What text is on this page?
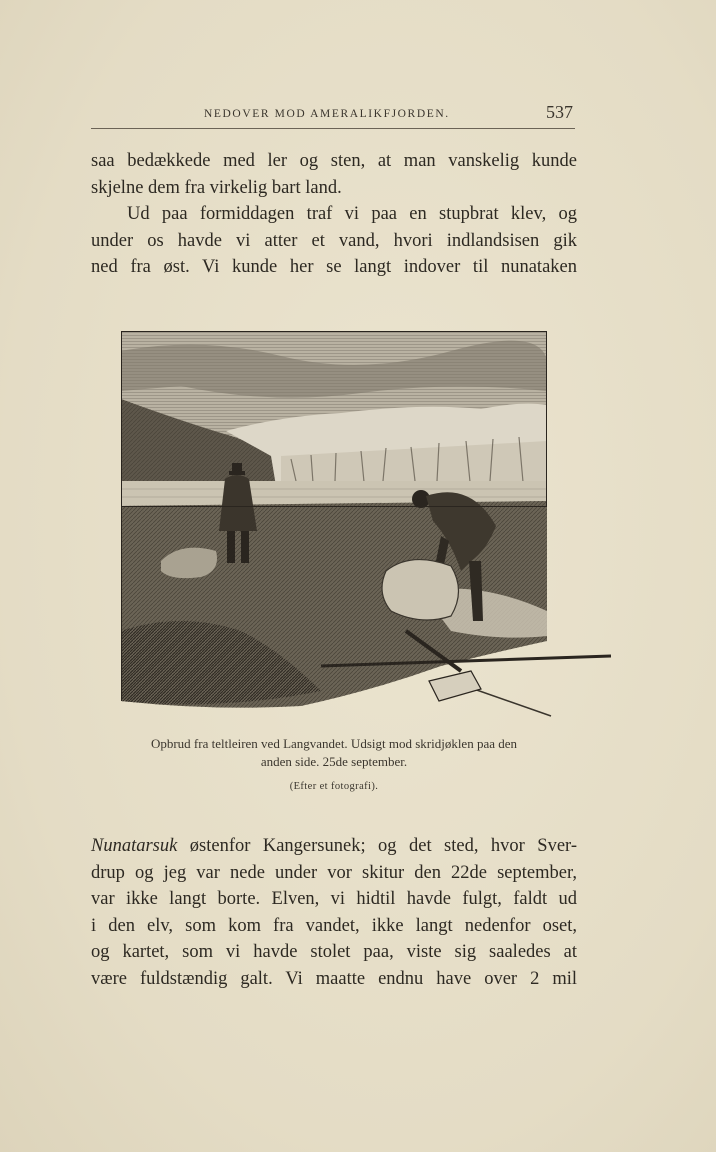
NEDOVER MOD AMERALIKFJORDEN.	537

saa bedækkede med ler og sten, at man vanskelig kunde

skjelne dem fra virkelig bart land.

Ud paa formiddagen traf vi paa en stupbrat klev, og

under os havde vi atter et vand, hvori indlandsisen gik

ned fra øst. Vi kunde her se langt indover til nunataken

Opbrud fra teltleiren ved Langvandet. Udsigt mod skridjøklen paa den
anden side. 25de september.
(Efter et fotografi).

Nunatarsuk østenfor Kangersunek; og det sted, hvor Sver-

drup og jeg var nede under vor skitur den 22de september,

var ikke langt borte. Elven, vi hidtil havde fulgt, faldt ud

i den elv, som kom fra vandet, ikke langt nedenfor oset,

og kartet, som vi havde stolet paa, viste sig saaledes at

være fuldstændig galt. Vi maatte endnu have over 2 mil
